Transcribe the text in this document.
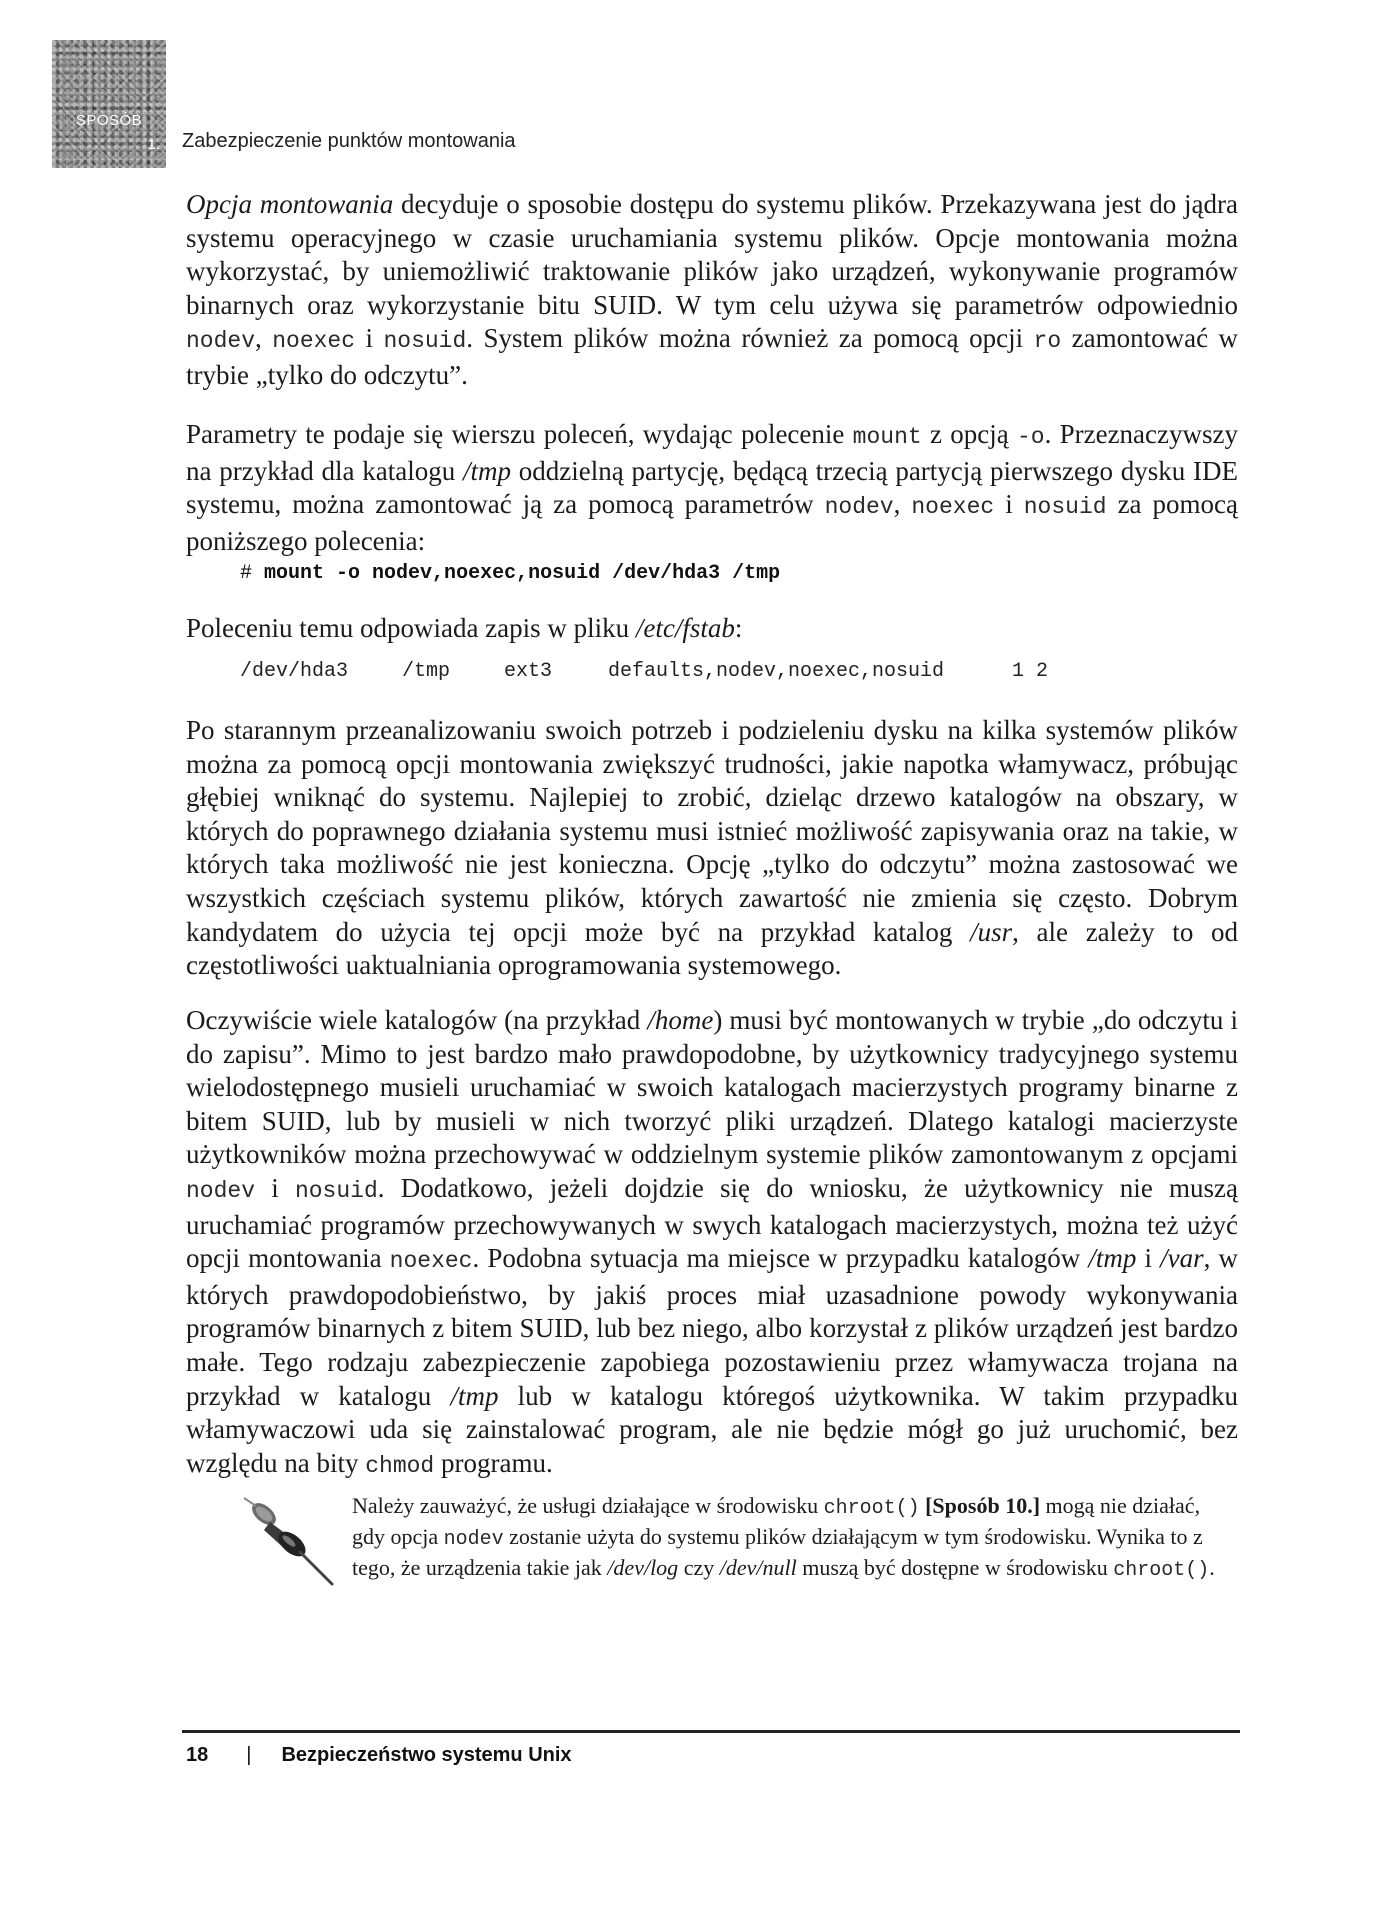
SPOSÓB
1. Zabezpieczenie punktów montowania

Opcja montowania decyduje o sposobie dostępu do systemu plików. Przekazywana jest do jądra systemu operacyjnego w czasie uruchamiania systemu plików. Opcje montowania można wykorzystać, by uniemożliwić traktowanie plików jako urządzeń, wykonywanie programów binarnych oraz wykorzystanie bitu SUID. W tym celu używa się parametrów odpowiednio nodev, noexec i nosuid. System plików można również za pomocą opcji ro zamontować w trybie „tylko do odczytu”.

Parametry te podaje się wierszu poleceń, wydając polecenie mount z opcją -o. Przeznaczywszy na przykład dla katalogu /tmp oddzielną partycję, będącą trzecią partycją pierwszego dysku IDE systemu, można zamontować ją za pomocą parametrów nodev, noexec i nosuid za pomocą poniższego polecenia:

# mount -o nodev,noexec,nosuid /dev/hda3 /tmp

Poleceniu temu odpowiada zapis w pliku /etc/fstab:

/dev/hda3	/tmp	ext3	defaults,nodev,noexec,nosuid	1 2

Po starannym przeanalizowaniu swoich potrzeb i podzieleniu dysku na kilka systemów plików można za pomocą opcji montowania zwiększyć trudności, jakie napotka włamywacz, próbując głębiej wniknąć do systemu. Najlepiej to zrobić, dzieląc drzewo katalogów na obszary, w których do poprawnego działania systemu musi istnieć możliwość zapisywania oraz na takie, w których taka możliwość nie jest konieczna. Opcję „tylko do odczytu” można zastosować we wszystkich częściach systemu plików, których zawartość nie zmienia się często. Dobrym kandydatem do użycia tej opcji może być na przykład katalog /usr, ale zależy to od częstotliwości uaktualniania oprogramowania systemowego.

Oczywiście wiele katalogów (na przykład /home) musi być montowanych w trybie „do odczytu i do zapisu”. Mimo to jest bardzo mało prawdopodobne, by użytkownicy tradycyjnego systemu wielodostępnego musieli uruchamiać w swoich katalogach macierzystych programy binarne z bitem SUID, lub by musieli w nich tworzyć pliki urządzeń. Dlatego katalogi macierzyste użytkowników można przechowywać w oddzielnym systemie plików zamontowanym z opcjami nodev i nosuid. Dodatkowo, jeżeli dojdzie się do wniosku, że użytkownicy nie muszą uruchamiać programów przechowywanych w swych katalogach macierzystych, można też użyć opcji montowania noexec. Podobna sytuacja ma miejsce w przypadku katalogów /tmp i /var, w których prawdopodobieństwo, by jakiś proces miał uzasadnione powody wykonywania programów binarnych z bitem SUID, lub bez niego, albo korzystał z plików urządzeń jest bardzo małe. Tego rodzaju zabezpieczenie zapobiega pozostawieniu przez włamywacza trojana na przykład w katalogu /tmp lub w katalogu któregoś użytkownika. W takim przypadku włamywaczowi uda się zainstalować program, ale nie będzie mógł go już uruchomić, bez względu na bity chmod programu.

Należy zauważyć, że usługi działające w środowisku chroot() [Sposób 10.] mogą nie działać, gdy opcja nodev zostanie użyta do systemu plików działającym w tym środowisku. Wynika to z tego, że urządzenia takie jak /dev/log czy /dev/null muszą być dostępne w środowisku chroot().

18 | Bezpieczeństwo systemu Unix
